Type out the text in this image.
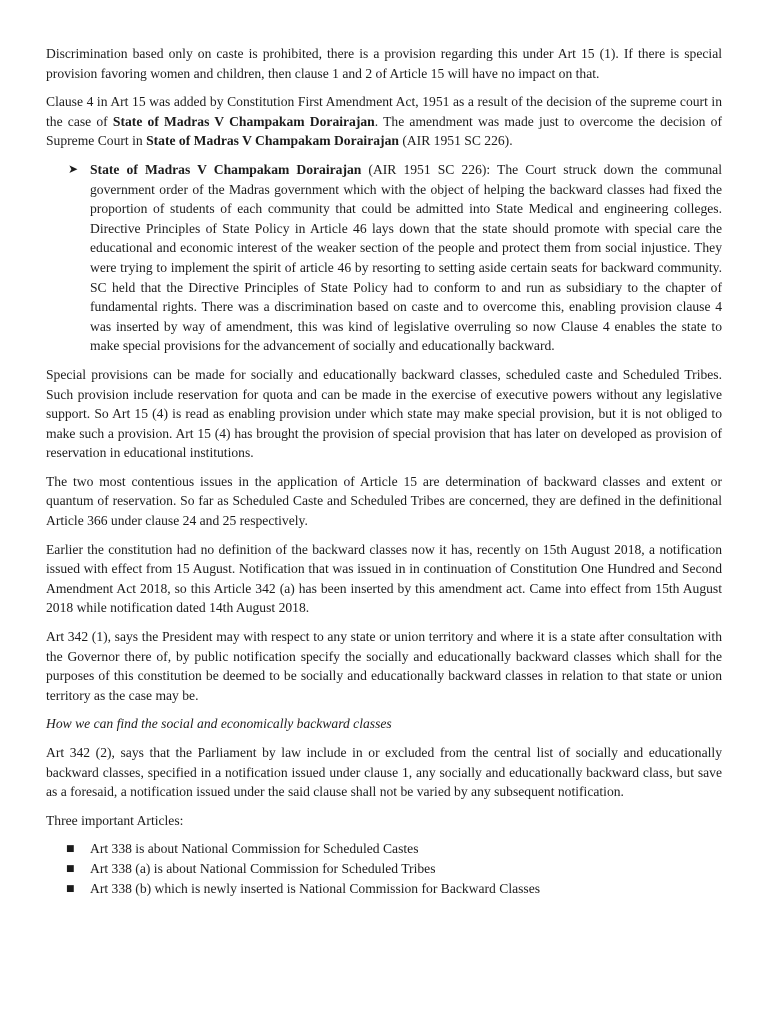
Discrimination based only on caste is prohibited, there is a provision regarding this under Art 15 (1). If there is special provision favoring women and children, then clause 1 and 2 of Article 15 will have no impact on that.

Clause 4 in Art 15 was added by Constitution First Amendment Act, 1951 as a result of the decision of the supreme court in the case of State of Madras V Champakam Dorairajan. The amendment was made just to overcome the decision of Supreme Court in State of Madras V Champakam Dorairajan (AIR 1951 SC 226).

➤ State of Madras V Champakam Dorairajan (AIR 1951 SC 226): The Court struck down the communal government order of the Madras government which with the object of helping the backward classes had fixed the proportion of students of each community that could be admitted into State Medical and engineering colleges. Directive Principles of State Policy in Article 46 lays down that the state should promote with special care the educational and economic interest of the weaker section of the people and protect them from social injustice. They were trying to implement the spirit of article 46 by resorting to setting aside certain seats for backward community. SC held that the Directive Principles of State Policy had to conform to and run as subsidiary to the chapter of fundamental rights. There was a discrimination based on caste and to overcome this, enabling provision clause 4 was inserted by way of amendment, this was kind of legislative overruling so now Clause 4 enables the state to make special provisions for the advancement of socially and educationally backward.

Special provisions can be made for socially and educationally backward classes, scheduled caste and Scheduled Tribes. Such provision include reservation for quota and can be made in the exercise of executive powers without any legislative support. So Art 15 (4) is read as enabling provision under which state may make special provision, but it is not obliged to make such a provision. Art 15 (4) has brought the provision of special provision that has later on developed as provision of reservation in educational institutions.

The two most contentious issues in the application of Article 15 are determination of backward classes and extent or quantum of reservation. So far as Scheduled Caste and Scheduled Tribes are concerned, they are defined in the definitional Article 366 under clause 24 and 25 respectively.

Earlier the constitution had no definition of the backward classes now it has, recently on 15th August 2018, a notification issued with effect from 15 August. Notification that was issued in in continuation of Constitution One Hundred and Second Amendment Act 2018, so this Article 342 (a) has been inserted by this amendment act. Came into effect from 15th August 2018 while notification dated 14th August 2018.

Art 342 (1), says the President may with respect to any state or union territory and where it is a state after consultation with the Governor there of, by public notification specify the socially and educationally backward classes which shall for the purposes of this constitution be deemed to be socially and educationally backward classes in relation to that state or union territory as the case may be.

How we can find the social and economically backward classes

Art 342 (2), says that the Parliament by law include in or excluded from the central list of socially and educationally backward classes, specified in a notification issued under clause 1, any socially and educationally backward class, but save as a foresaid, a notification issued under the said clause shall not be varied by any subsequent notification.

Three important Articles:

■ Art 338 is about National Commission for Scheduled Castes
■ Art 338 (a) is about National Commission for Scheduled Tribes
■ Art 338 (b) which is newly inserted is National Commission for Backward Classes
